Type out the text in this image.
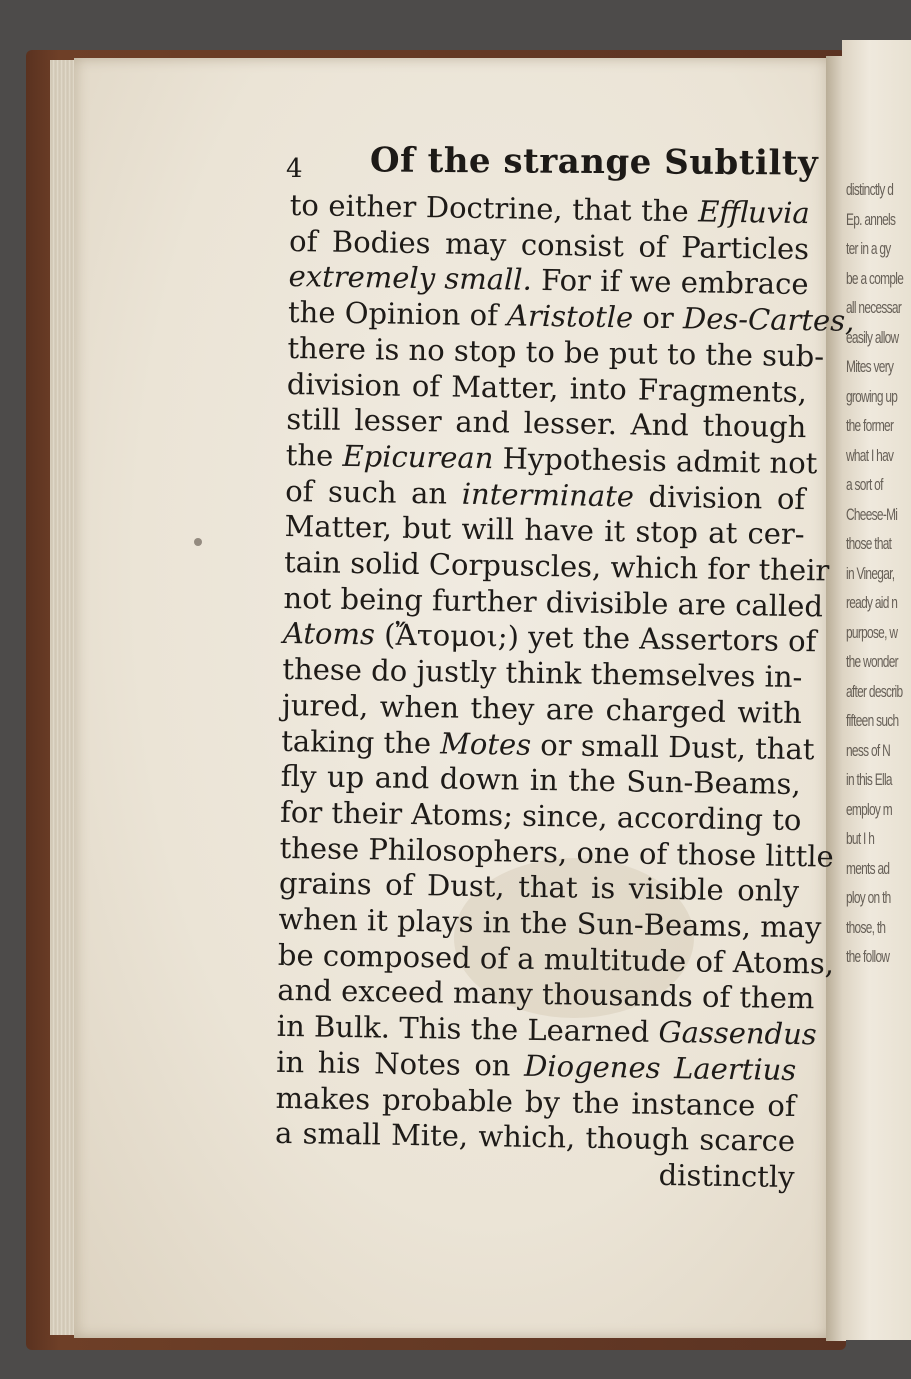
distinctly d
Ep. annels
ter in a gy
be a comple
all necessar
easily allow
Mites very
growing up
the former
what I hav
a sort of
Cheese-Mi
those that
in Vinegar,
ready aid n
purpose, w
the wonder
after describ
fifteen such
ness of N
in this Ella
employ m
but I h
ments ad
ploy on th
those, th
the follow
4 Of the strange Subtilty
to either Doctrine, that the Effluvia
of Bodies may consist of Particles
extremely small. For if we embrace
the Opinion of Aristotle or Des-Cartes,
there is no stop to be put to the sub-
division of Matter, into Fragments,
still lesser and lesser. And though
the Epicurean Hypothesis admit not
of such an interminate division of
Matter, but will have it stop at cer-
tain solid Corpuscles, which for their
not being further divisible are called
Atoms (Ἄτομοι;) yet the Assertors of
these do justly think themselves in-
jured, when they are charged with
taking the Motes or small Dust, that
fly up and down in the Sun-Beams,
for their Atoms; since, according to
these Philosophers, one of those little
grains of Dust, that is visible only
when it plays in the Sun-Beams, may
be composed of a multitude of Atoms,
and exceed many thousands of them
in Bulk. This the Learned Gassendus
in his Notes on Diogenes Laertius
makes probable by the instance of
a small Mite, which, though scarce
distinctly
